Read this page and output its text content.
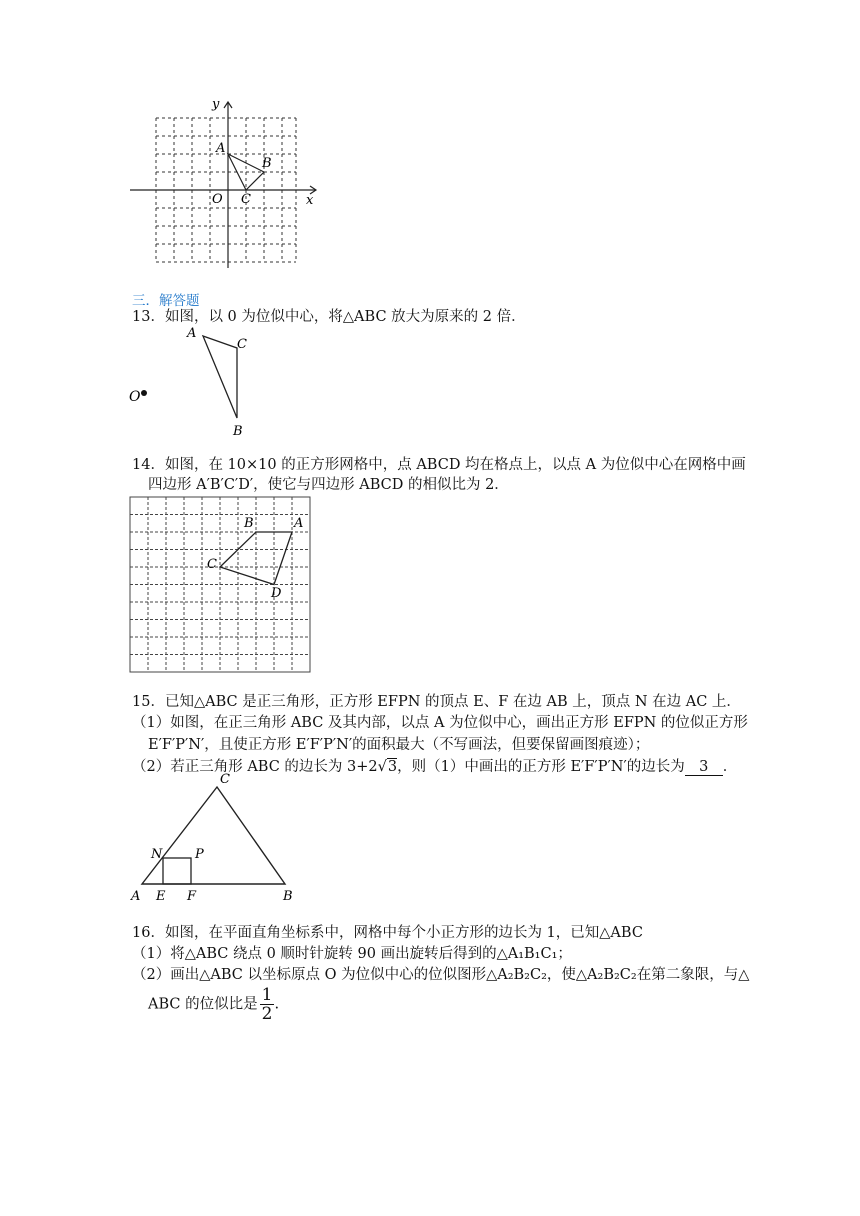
y
x
O
A
B
C
三．解答题
13．如图，以 0 为位似中心，将△ABC 放大为原来的 2 倍．
A
C
B
O
14．如图，在 10×10 的正方形网格中，点 ABCD 均在格点上，以点 A 为位似中心在网格中画
四边形 A′B′C′D′，使它与四边形 ABCD 的相似比为 2．
B	A
C
D
15．已知△ABC 是正三角形，正方形 EFPN 的顶点 E、F 在边 AB 上，顶点 N 在边 AC 上．
（1）如图，在正三角形 ABC 及其内部，以点 A 为位似中心，画出正方形 EFPN 的位似正方形
E′F′P′N′，且使正方形 E′F′P′N′的面积最大（不写画法，但要保留画图痕迹）；
（2）若正三角形 ABC 的边长为 3+2√3，则（1）中画出的正方形 E′F′P′N′的边长为 3 ．
C
A	B
E F
N	P
16．如图，在平面直角坐标系中，网格中每个小正方形的边长为 1，已知△ABC
（1）将△ABC 绕点 0 顺时针旋转 90 画出旋转后得到的△A₁B₁C₁；
（2）画出△ABC 以坐标原点 O 为位似中心的位似图形△A₂B₂C₂，使△A₂B₂C₂在第二象限，与△
ABC 的位似比是 $\frac{1}{2}$ .
